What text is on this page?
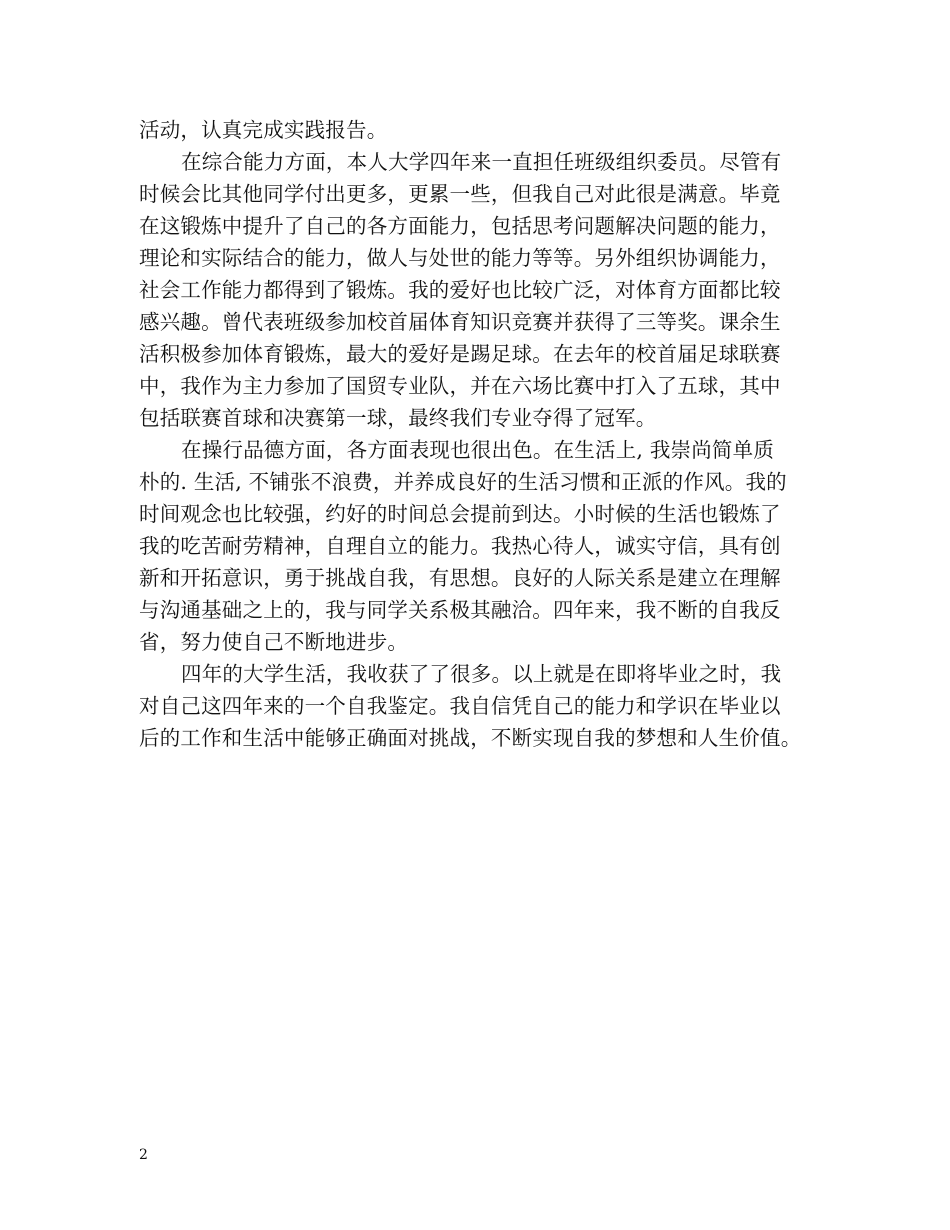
活动，认真完成实践报告。
在综合能力方面，本人大学四年来一直担任班级组织委员。尽管有
时候会比其他同学付出更多，更累一些，但我自己对此很是满意。毕竟
在这锻炼中提升了自己的各方面能力，包括思考问题解决问题的能力，
理论和实际结合的能力，做人与处世的能力等等。另外组织协调能力，
社会工作能力都得到了锻炼。我的爱好也比较广泛，对体育方面都比较
感兴趣。曾代表班级参加校首届体育知识竞赛并获得了三等奖。课余生
活积极参加体育锻炼，最大的爱好是踢足球。在去年的校首届足球联赛
中，我作为主力参加了国贸专业队，并在六场比赛中打入了五球，其中
包括联赛首球和决赛第一球，最终我们专业夺得了冠军。
在操行品德方面，各方面表现也很出色。在生活上, 我崇尚简单质
朴的. 生活, 不铺张不浪费，并养成良好的生活习惯和正派的作风。我的
时间观念也比较强，约好的时间总会提前到达。小时候的生活也锻炼了
我的吃苦耐劳精神，自理自立的能力。我热心待人，诚实守信，具有创
新和开拓意识，勇于挑战自我，有思想。良好的人际关系是建立在理解
与沟通基础之上的，我与同学关系极其融洽。四年来，我不断的自我反
省，努力使自己不断地进步。
四年的大学生活，我收获了了很多。以上就是在即将毕业之时，我
对自己这四年来的一个自我鉴定。我自信凭自己的能力和学识在毕业以
后的工作和生活中能够正确面对挑战，不断实现自我的梦想和人生价值。
2
